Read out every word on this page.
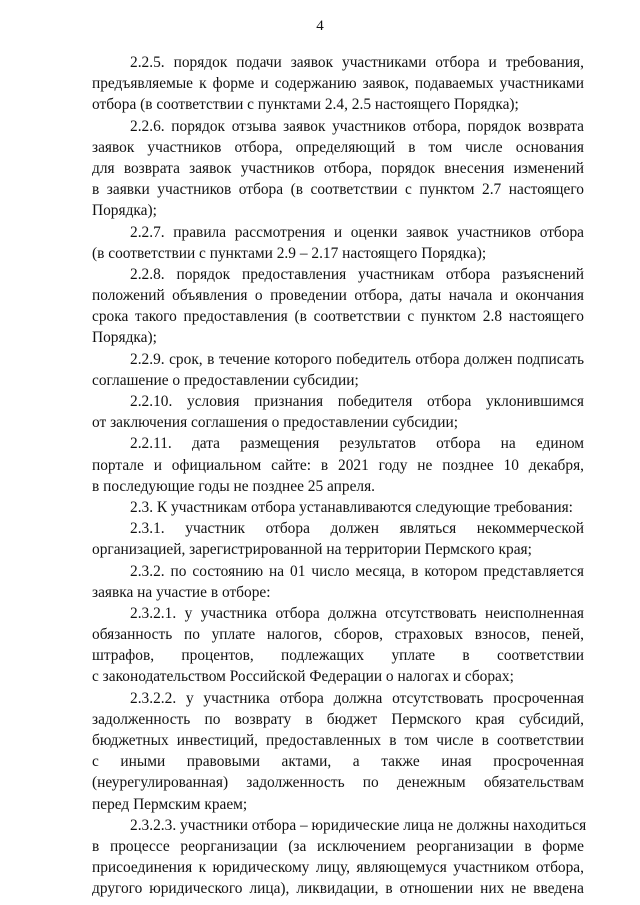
4
2.2.5. порядок подачи заявок участниками отбора и требования,
предъявляемые к форме и содержанию заявок, подаваемых участниками
отбора (в соответствии с пунктами 2.4, 2.5 настоящего Порядка);
2.2.6. порядок отзыва заявок участников отбора, порядок возврата
заявок участников отбора, определяющий в том числе основания
для возврата заявок участников отбора, порядок внесения изменений
в заявки участников отбора (в соответствии с пунктом 2.7 настоящего
Порядка);
2.2.7. правила рассмотрения и оценки заявок участников отбора
(в соответствии с пунктами 2.9 – 2.17 настоящего Порядка);
2.2.8. порядок предоставления участникам отбора разъяснений
положений объявления о проведении отбора, даты начала и окончания
срока такого предоставления (в соответствии с пунктом 2.8 настоящего
Порядка);
2.2.9. срок, в течение которого победитель отбора должен подписать
соглашение о предоставлении субсидии;
2.2.10. условия признания победителя отбора уклонившимся
от заключения соглашения о предоставлении субсидии;
2.2.11. дата размещения результатов отбора на едином
портале и официальном сайте: в 2021 году не позднее 10 декабря,
в последующие годы не позднее 25 апреля.
2.3. К участникам отбора устанавливаются следующие требования:
2.3.1. участник отбора должен являться некоммерческой
организацией, зарегистрированной на территории Пермского края;
2.3.2. по состоянию на 01 число месяца, в котором представляется
заявка на участие в отборе:
2.3.2.1. у участника отбора должна отсутствовать неисполненная
обязанность по уплате налогов, сборов, страховых взносов, пеней,
штрафов, процентов, подлежащих уплате в соответствии
с законодательством Российской Федерации о налогах и сборах;
2.3.2.2. у участника отбора должна отсутствовать просроченная
задолженность по возврату в бюджет Пермского края субсидий,
бюджетных инвестиций, предоставленных в том числе в соответствии
с иными правовыми актами, а также иная просроченная
(неурегулированная) задолженность по денежным обязательствам
перед Пермским краем;
2.3.2.3. участники отбора – юридические лица не должны находиться
в процессе реорганизации (за исключением реорганизации в форме
присоединения к юридическому лицу, являющемуся участником отбора,
другого юридического лица), ликвидации, в отношении них не введена
